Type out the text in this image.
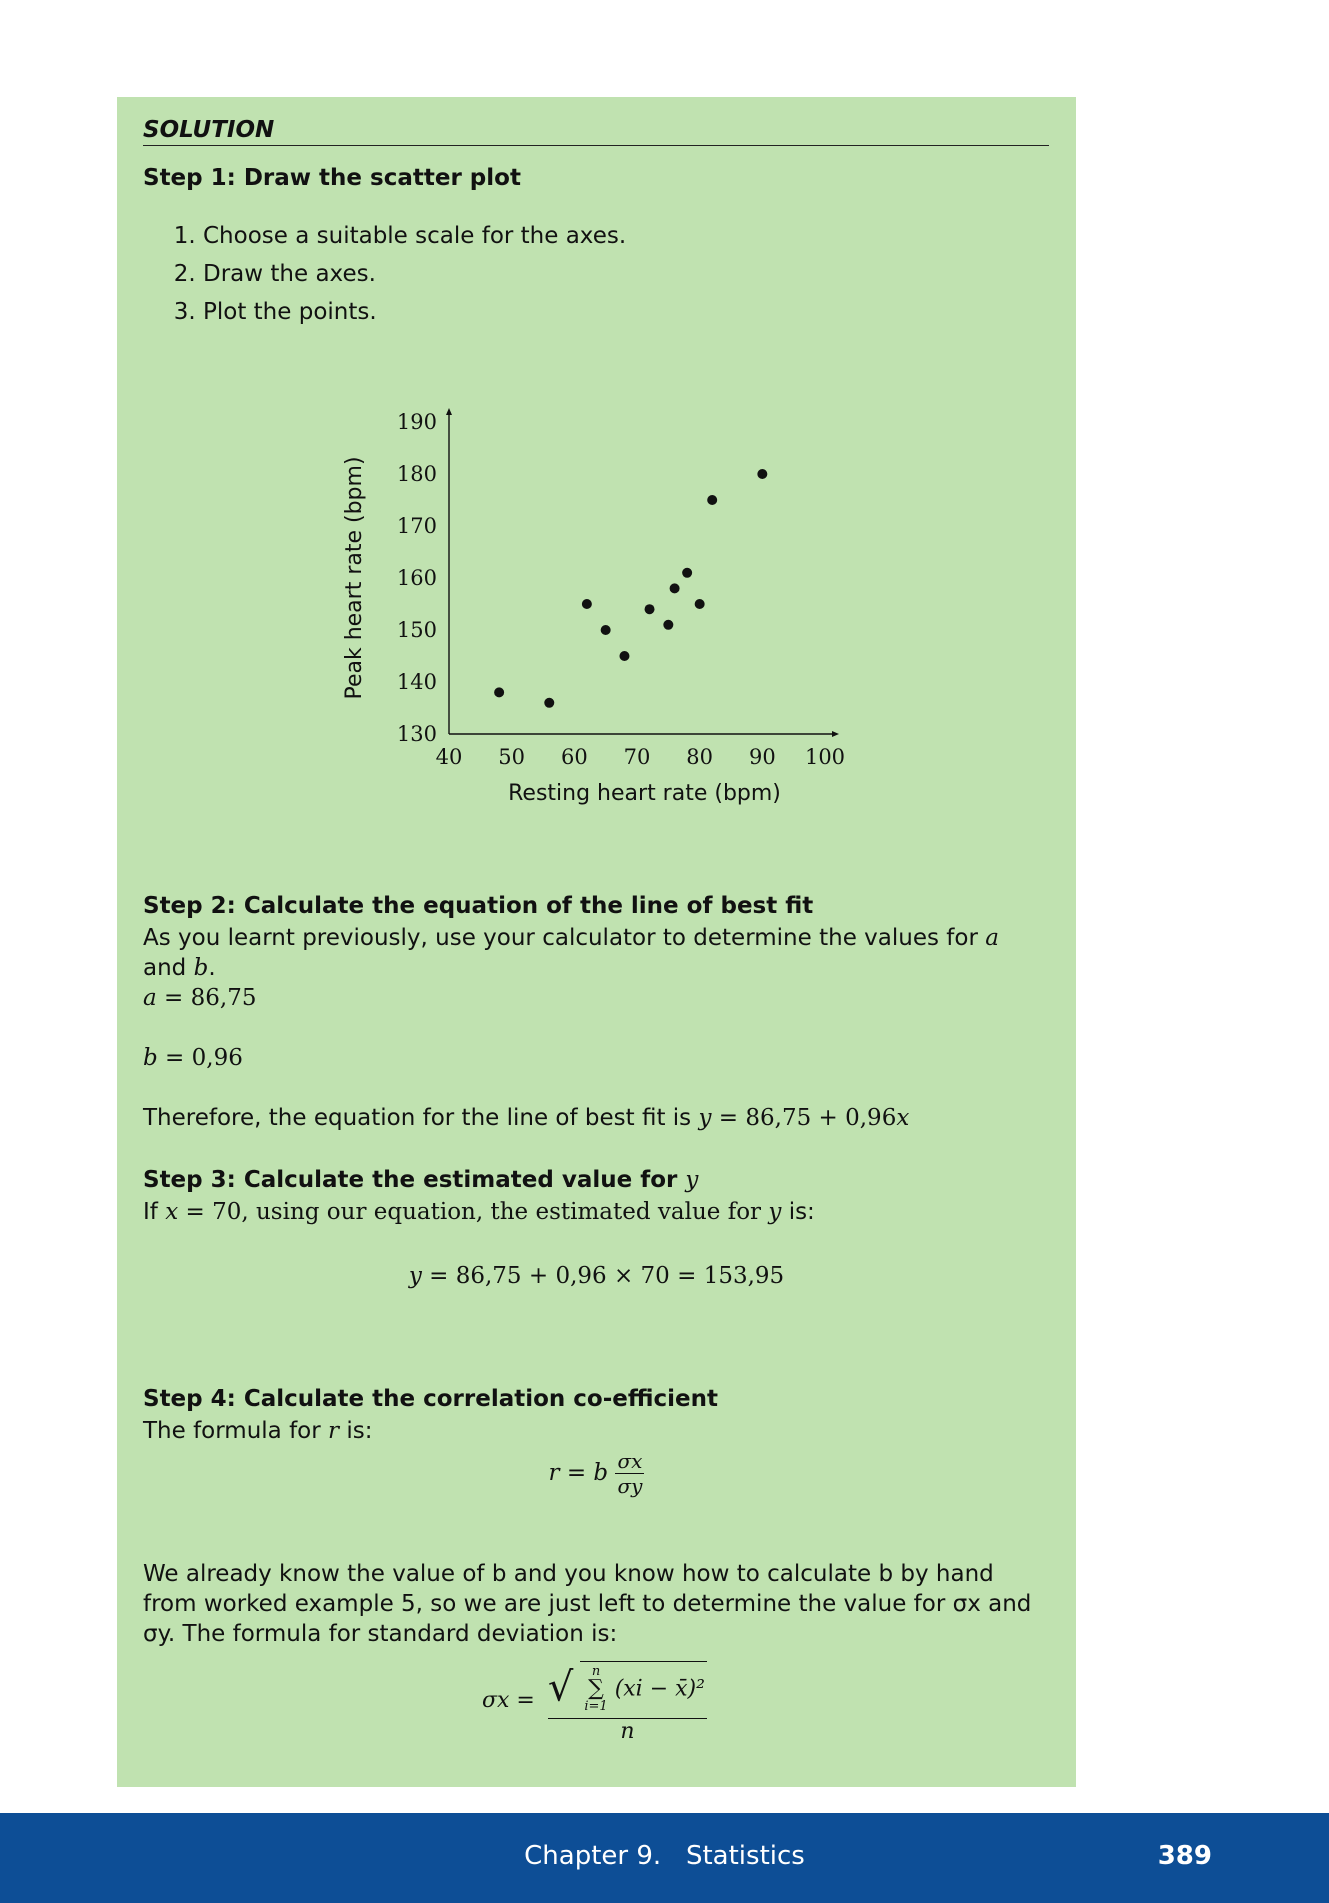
SOLUTION
Step 1: Draw the scatter plot
1. Choose a suitable scale for the axes.
2. Draw the axes.
3. Plot the points.
Step 2: Calculate the equation of the line of best fit
As you learnt previously, use your calculator to determine the values for a and b.
a = 86,75
b = 0,96
Therefore, the equation for the line of best fit is y = 86,75 + 0,96x
Step 3: Calculate the estimated value for y
If x = 70, using our equation, the estimated value for y is:
y = 86,75 + 0,96 × 70 = 153,95
Step 4: Calculate the correlation co-efficient
The formula for r is:
r = b $\frac{\sigma x}{\sigma y}$
We already know the value of b and you know how to calculate b by hand from worked example 5, so we are just left to determine the value for σx and σy. The formula for standard deviation is:
σx = √	n
∑
i=1
(xi − x̄)²
n
40 50 60 70 80 90 100
130
140
150
160
170
180
190
Resting heart rate (bpm)
Peak heart rate (bpm)
Chapter 9.   Statistics	389
